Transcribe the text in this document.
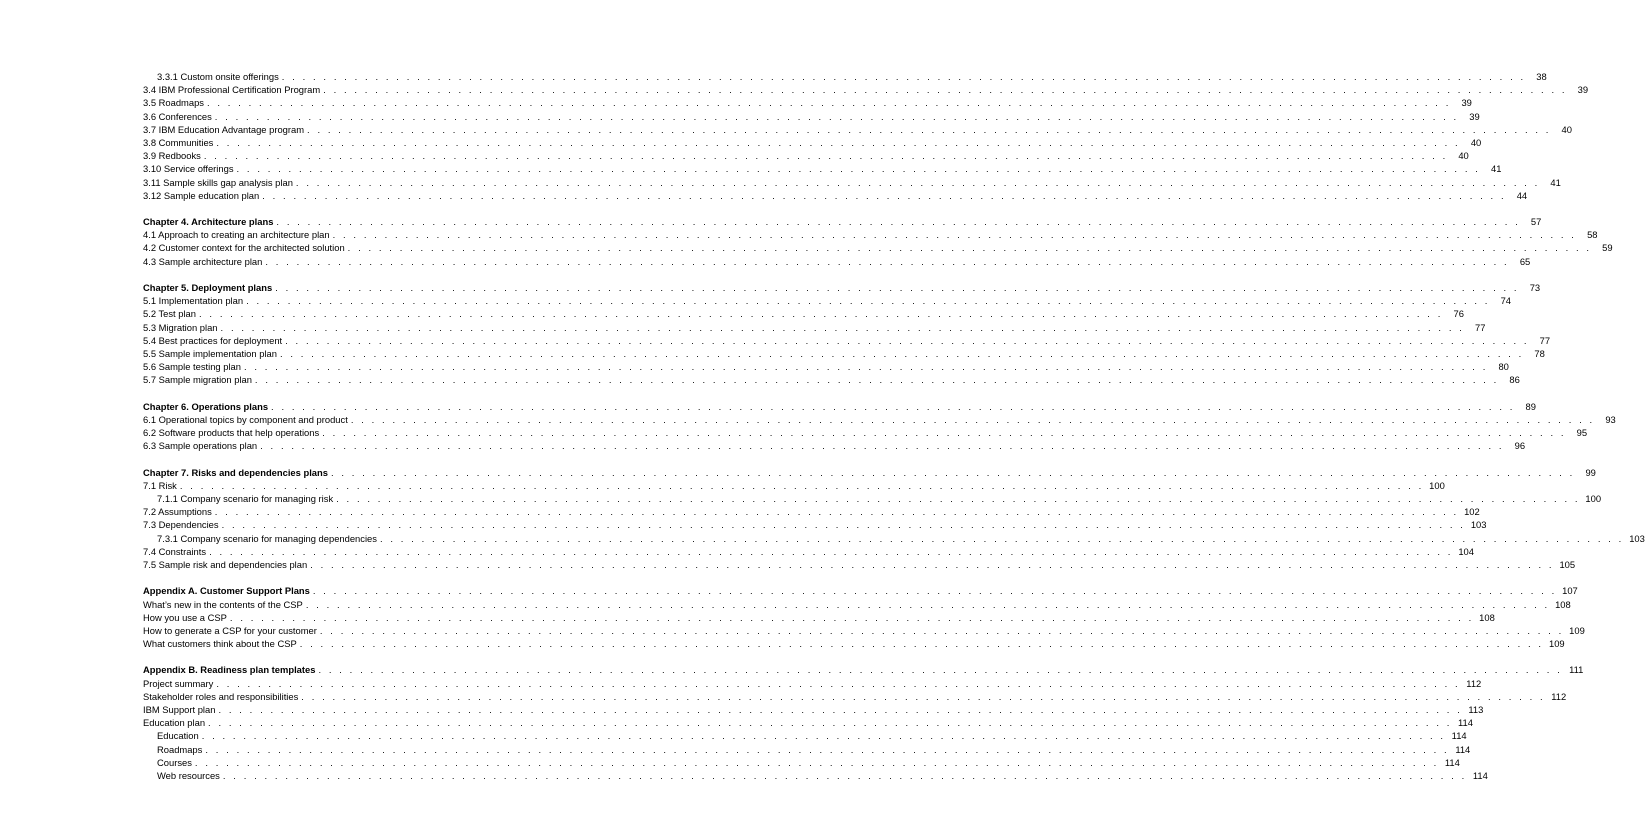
3.3.1 Custom onsite offerings . . . . . . . . . . . . . . . . . . . . . . . . . . . . . . . . . . . . . . . . . . . . . . . . . . . . . . . . . . . . . . . . . . . . . . . . . . . . . . . . . . . . . . . . . . . . . . . . . . . . . . . . . . . . . . . . . . . . . . . .	38
3.4 IBM Professional Certification Program . . . . . . . . . . . . . . . . . . . . . . . . . . . . . . . . . . . . . . . . . . . . . . . . . . . . . . . . . . . . . . . . . . . . . . . . . . . . . . . . . . . . . . . . . . . . . . . . . . . . . . . . . . . . . . . . . . . . . . . .	39
3.5 Roadmaps . . . . . . . . . . . . . . . . . . . . . . . . . . . . . . . . . . . . . . . . . . . . . . . . . . . . . . . . . . . . . . . . . . . . . . . . . . . . . . . . . . . . . . . . . . . . . . . . . . . . . . . . . . . . . . . . . . . . . . . .	39
3.6 Conferences . . . . . . . . . . . . . . . . . . . . . . . . . . . . . . . . . . . . . . . . . . . . . . . . . . . . . . . . . . . . . . . . . . . . . . . . . . . . . . . . . . . . . . . . . . . . . . . . . . . . . . . . . . . . . . . . . . . . . . . .	39
3.7 IBM Education Advantage program . . . . . . . . . . . . . . . . . . . . . . . . . . . . . . . . . . . . . . . . . . . . . . . . . . . . . . . . . . . . . . . . . . . . . . . . . . . . . . . . . . . . . . . . . . . . . . . . . . . . . . . . . . . . . . . . . . . . . . . .	40
3.8 Communities . . . . . . . . . . . . . . . . . . . . . . . . . . . . . . . . . . . . . . . . . . . . . . . . . . . . . . . . . . . . . . . . . . . . . . . . . . . . . . . . . . . . . . . . . . . . . . . . . . . . . . . . . . . . . . . . . . . . . . . .	40
3.9 Redbooks . . . . . . . . . . . . . . . . . . . . . . . . . . . . . . . . . . . . . . . . . . . . . . . . . . . . . . . . . . . . . . . . . . . . . . . . . . . . . . . . . . . . . . . . . . . . . . . . . . . . . . . . . . . . . . . . . . . . . . . .	40
3.10 Service offerings . . . . . . . . . . . . . . . . . . . . . . . . . . . . . . . . . . . . . . . . . . . . . . . . . . . . . . . . . . . . . . . . . . . . . . . . . . . . . . . . . . . . . . . . . . . . . . . . . . . . . . . . . . . . . . . . . . . . . . . .	41
3.11 Sample skills gap analysis plan . . . . . . . . . . . . . . . . . . . . . . . . . . . . . . . . . . . . . . . . . . . . . . . . . . . . . . . . . . . . . . . . . . . . . . . . . . . . . . . . . . . . . . . . . . . . . . . . . . . . . . . . . . . . . . . . . . . . . . . .	41
3.12 Sample education plan . . . . . . . . . . . . . . . . . . . . . . . . . . . . . . . . . . . . . . . . . . . . . . . . . . . . . . . . . . . . . . . . . . . . . . . . . . . . . . . . . . . . . . . . . . . . . . . . . . . . . . . . . . . . . . . . . . . . . . . .	44
Chapter 4. Architecture plans . . . . . . . . . . . . . . . . . . . . . . . . . . . . . . . . . . . . . . . . . . . . . . . . . . . . . . . . . . . . . . . . . . . . . . . . . . . . . . . . . . . . . . . . . . . . . . . . . . . . . . . . . . . . . . . . . . . . . . . .	57
4.1 Approach to creating an architecture plan . . . . . . . . . . . . . . . . . . . . . . . . . . . . . . . . . . . . . . . . . . . . . . . . . . . . . . . . . . . . . . . . . . . . . . . . . . . . . . . . . . . . . . . . . . . . . . . . . . . . . . . . . . . . . . . . . . . . . . . .	58
4.2 Customer context for the architected solution . . . . . . . . . . . . . . . . . . . . . . . . . . . . . . . . . . . . . . . . . . . . . . . . . . . . . . . . . . . . . . . . . . . . . . . . . . . . . . . . . . . . . . . . . . . . . . . . . . . . . . . . . . . . . . . . . . . . . . . .	59
4.3 Sample architecture plan . . . . . . . . . . . . . . . . . . . . . . . . . . . . . . . . . . . . . . . . . . . . . . . . . . . . . . . . . . . . . . . . . . . . . . . . . . . . . . . . . . . . . . . . . . . . . . . . . . . . . . . . . . . . . . . . . . . . . . . .	65
Chapter 5. Deployment plans . . . . . . . . . . . . . . . . . . . . . . . . . . . . . . . . . . . . . . . . . . . . . . . . . . . . . . . . . . . . . . . . . . . . . . . . . . . . . . . . . . . . . . . . . . . . . . . . . . . . . . . . . . . . . . . . . . . . . . . .	73
5.1 Implementation plan . . . . . . . . . . . . . . . . . . . . . . . . . . . . . . . . . . . . . . . . . . . . . . . . . . . . . . . . . . . . . . . . . . . . . . . . . . . . . . . . . . . . . . . . . . . . . . . . . . . . . . . . . . . . . . . . . . . . . . . .	74
5.2 Test plan . . . . . . . . . . . . . . . . . . . . . . . . . . . . . . . . . . . . . . . . . . . . . . . . . . . . . . . . . . . . . . . . . . . . . . . . . . . . . . . . . . . . . . . . . . . . . . . . . . . . . . . . . . . . . . . . . . . . . . . .	76
5.3 Migration plan . . . . . . . . . . . . . . . . . . . . . . . . . . . . . . . . . . . . . . . . . . . . . . . . . . . . . . . . . . . . . . . . . . . . . . . . . . . . . . . . . . . . . . . . . . . . . . . . . . . . . . . . . . . . . . . . . . . . . . . .	77
5.4 Best practices for deployment . . . . . . . . . . . . . . . . . . . . . . . . . . . . . . . . . . . . . . . . . . . . . . . . . . . . . . . . . . . . . . . . . . . . . . . . . . . . . . . . . . . . . . . . . . . . . . . . . . . . . . . . . . . . . . . . . . . . . . . .	77
5.5 Sample implementation plan . . . . . . . . . . . . . . . . . . . . . . . . . . . . . . . . . . . . . . . . . . . . . . . . . . . . . . . . . . . . . . . . . . . . . . . . . . . . . . . . . . . . . . . . . . . . . . . . . . . . . . . . . . . . . . . . . . . . . . . .	78
5.6 Sample testing plan . . . . . . . . . . . . . . . . . . . . . . . . . . . . . . . . . . . . . . . . . . . . . . . . . . . . . . . . . . . . . . . . . . . . . . . . . . . . . . . . . . . . . . . . . . . . . . . . . . . . . . . . . . . . . . . . . . . . . . . .	80
5.7 Sample migration plan . . . . . . . . . . . . . . . . . . . . . . . . . . . . . . . . . . . . . . . . . . . . . . . . . . . . . . . . . . . . . . . . . . . . . . . . . . . . . . . . . . . . . . . . . . . . . . . . . . . . . . . . . . . . . . . . . . . . . . . .	86
Chapter 6. Operations plans . . . . . . . . . . . . . . . . . . . . . . . . . . . . . . . . . . . . . . . . . . . . . . . . . . . . . . . . . . . . . . . . . . . . . . . . . . . . . . . . . . . . . . . . . . . . . . . . . . . . . . . . . . . . . . . . . . . . . . . .	89
6.1 Operational topics by component and product . . . . . . . . . . . . . . . . . . . . . . . . . . . . . . . . . . . . . . . . . . . . . . . . . . . . . . . . . . . . . . . . . . . . . . . . . . . . . . . . . . . . . . . . . . . . . . . . . . . . . . . . . . . . . . . . . . . . . . . .	93
6.2 Software products that help operations . . . . . . . . . . . . . . . . . . . . . . . . . . . . . . . . . . . . . . . . . . . . . . . . . . . . . . . . . . . . . . . . . . . . . . . . . . . . . . . . . . . . . . . . . . . . . . . . . . . . . . . . . . . . . . . . . . . . . . . .	95
6.3 Sample operations plan . . . . . . . . . . . . . . . . . . . . . . . . . . . . . . . . . . . . . . . . . . . . . . . . . . . . . . . . . . . . . . . . . . . . . . . . . . . . . . . . . . . . . . . . . . . . . . . . . . . . . . . . . . . . . . . . . . . . . . . .	96
Chapter 7. Risks and dependencies plans . . . . . . . . . . . . . . . . . . . . . . . . . . . . . . . . . . . . . . . . . . . . . . . . . . . . . . . . . . . . . . . . . . . . . . . . . . . . . . . . . . . . . . . . . . . . . . . . . . . . . . . . . . . . . . . . . . . . . . . .	99
7.1 Risk . . . . . . . . . . . . . . . . . . . . . . . . . . . . . . . . . . . . . . . . . . . . . . . . . . . . . . . . . . . . . . . . . . . . . . . . . . . . . . . . . . . . . . . . . . . . . . . . . . . . . . . . . . . . . . . . . . . . . . . . 100
7.1.1 Company scenario for managing risk . . . . . . . . . . . . . . . . . . . . . . . . . . . . . . . . . . . . . . . . . . . . . . . . . . . . . . . . . . . . . . . . . . . . . . . . . . . . . . . . . . . . . . . . . . . . . . . . . . . . . . . . . . . . . . . . . . . . . . . . 100
7.2 Assumptions . . . . . . . . . . . . . . . . . . . . . . . . . . . . . . . . . . . . . . . . . . . . . . . . . . . . . . . . . . . . . . . . . . . . . . . . . . . . . . . . . . . . . . . . . . . . . . . . . . . . . . . . . . . . . . . . . . . . . . . . 102
7.3 Dependencies . . . . . . . . . . . . . . . . . . . . . . . . . . . . . . . . . . . . . . . . . . . . . . . . . . . . . . . . . . . . . . . . . . . . . . . . . . . . . . . . . . . . . . . . . . . . . . . . . . . . . . . . . . . . . . . . . . . . . . . . 103
7.3.1 Company scenario for managing dependencies . . . . . . . . . . . . . . . . . . . . . . . . . . . . . . . . . . . . . . . . . . . . . . . . . . . . . . . . . . . . . . . . . . . . . . . . . . . . . . . . . . . . . . . . . . . . . . . . . . . . . . . . . . . . . . . . . . . . . . . . 103
7.4 Constraints . . . . . . . . . . . . . . . . . . . . . . . . . . . . . . . . . . . . . . . . . . . . . . . . . . . . . . . . . . . . . . . . . . . . . . . . . . . . . . . . . . . . . . . . . . . . . . . . . . . . . . . . . . . . . . . . . . . . . . . . 104
7.5 Sample risk and dependencies plan . . . . . . . . . . . . . . . . . . . . . . . . . . . . . . . . . . . . . . . . . . . . . . . . . . . . . . . . . . . . . . . . . . . . . . . . . . . . . . . . . . . . . . . . . . . . . . . . . . . . . . . . . . . . . . . . . . . . . . . . 105
Appendix A. Customer Support Plans . . . . . . . . . . . . . . . . . . . . . . . . . . . . . . . . . . . . . . . . . . . . . . . . . . . . . . . . . . . . . . . . . . . . . . . . . . . . . . . . . . . . . . . . . . . . . . . . . . . . . . . . . . . . . . . . . . . . . . . . 107
What’s new in the contents of the CSP . . . . . . . . . . . . . . . . . . . . . . . . . . . . . . . . . . . . . . . . . . . . . . . . . . . . . . . . . . . . . . . . . . . . . . . . . . . . . . . . . . . . . . . . . . . . . . . . . . . . . . . . . . . . . . . . . . . . . . . . 108
How you use a CSP . . . . . . . . . . . . . . . . . . . . . . . . . . . . . . . . . . . . . . . . . . . . . . . . . . . . . . . . . . . . . . . . . . . . . . . . . . . . . . . . . . . . . . . . . . . . . . . . . . . . . . . . . . . . . . . . . . . . . . . . 108
How to generate a CSP for your customer . . . . . . . . . . . . . . . . . . . . . . . . . . . . . . . . . . . . . . . . . . . . . . . . . . . . . . . . . . . . . . . . . . . . . . . . . . . . . . . . . . . . . . . . . . . . . . . . . . . . . . . . . . . . . . . . . . . . . . . . 109
What customers think about the CSP . . . . . . . . . . . . . . . . . . . . . . . . . . . . . . . . . . . . . . . . . . . . . . . . . . . . . . . . . . . . . . . . . . . . . . . . . . . . . . . . . . . . . . . . . . . . . . . . . . . . . . . . . . . . . . . . . . . . . . . . 109
Appendix B. Readiness plan templates . . . . . . . . . . . . . . . . . . . . . . . . . . . . . . . . . . . . . . . . . . . . . . . . . . . . . . . . . . . . . . . . . . . . . . . . . . . . . . . . . . . . . . . . . . . . . . . . . . . . . . . . . . . . . . . . . . . . . . . . 111
Project summary . . . . . . . . . . . . . . . . . . . . . . . . . . . . . . . . . . . . . . . . . . . . . . . . . . . . . . . . . . . . . . . . . . . . . . . . . . . . . . . . . . . . . . . . . . . . . . . . . . . . . . . . . . . . . . . . . . . . . . . . 112
Stakeholder roles and responsibilities . . . . . . . . . . . . . . . . . . . . . . . . . . . . . . . . . . . . . . . . . . . . . . . . . . . . . . . . . . . . . . . . . . . . . . . . . . . . . . . . . . . . . . . . . . . . . . . . . . . . . . . . . . . . . . . . . . . . . . . . 112
IBM Support plan . . . . . . . . . . . . . . . . . . . . . . . . . . . . . . . . . . . . . . . . . . . . . . . . . . . . . . . . . . . . . . . . . . . . . . . . . . . . . . . . . . . . . . . . . . . . . . . . . . . . . . . . . . . . . . . . . . . . . . . . 113
Education plan . . . . . . . . . . . . . . . . . . . . . . . . . . . . . . . . . . . . . . . . . . . . . . . . . . . . . . . . . . . . . . . . . . . . . . . . . . . . . . . . . . . . . . . . . . . . . . . . . . . . . . . . . . . . . . . . . . . . . . . . 114
Education . . . . . . . . . . . . . . . . . . . . . . . . . . . . . . . . . . . . . . . . . . . . . . . . . . . . . . . . . . . . . . . . . . . . . . . . . . . . . . . . . . . . . . . . . . . . . . . . . . . . . . . . . . . . . . . . . . . . . . . . 114
Roadmaps . . . . . . . . . . . . . . . . . . . . . . . . . . . . . . . . . . . . . . . . . . . . . . . . . . . . . . . . . . . . . . . . . . . . . . . . . . . . . . . . . . . . . . . . . . . . . . . . . . . . . . . . . . . . . . . . . . . . . . . . 114
Courses . . . . . . . . . . . . . . . . . . . . . . . . . . . . . . . . . . . . . . . . . . . . . . . . . . . . . . . . . . . . . . . . . . . . . . . . . . . . . . . . . . . . . . . . . . . . . . . . . . . . . . . . . . . . . . . . . . . . . . . . 114
Web resources . . . . . . . . . . . . . . . . . . . . . . . . . . . . . . . . . . . . . . . . . . . . . . . . . . . . . . . . . . . . . . . . . . . . . . . . . . . . . . . . . . . . . . . . . . . . . . . . . . . . . . . . . . . . . . . . . . . . . . . . 114
